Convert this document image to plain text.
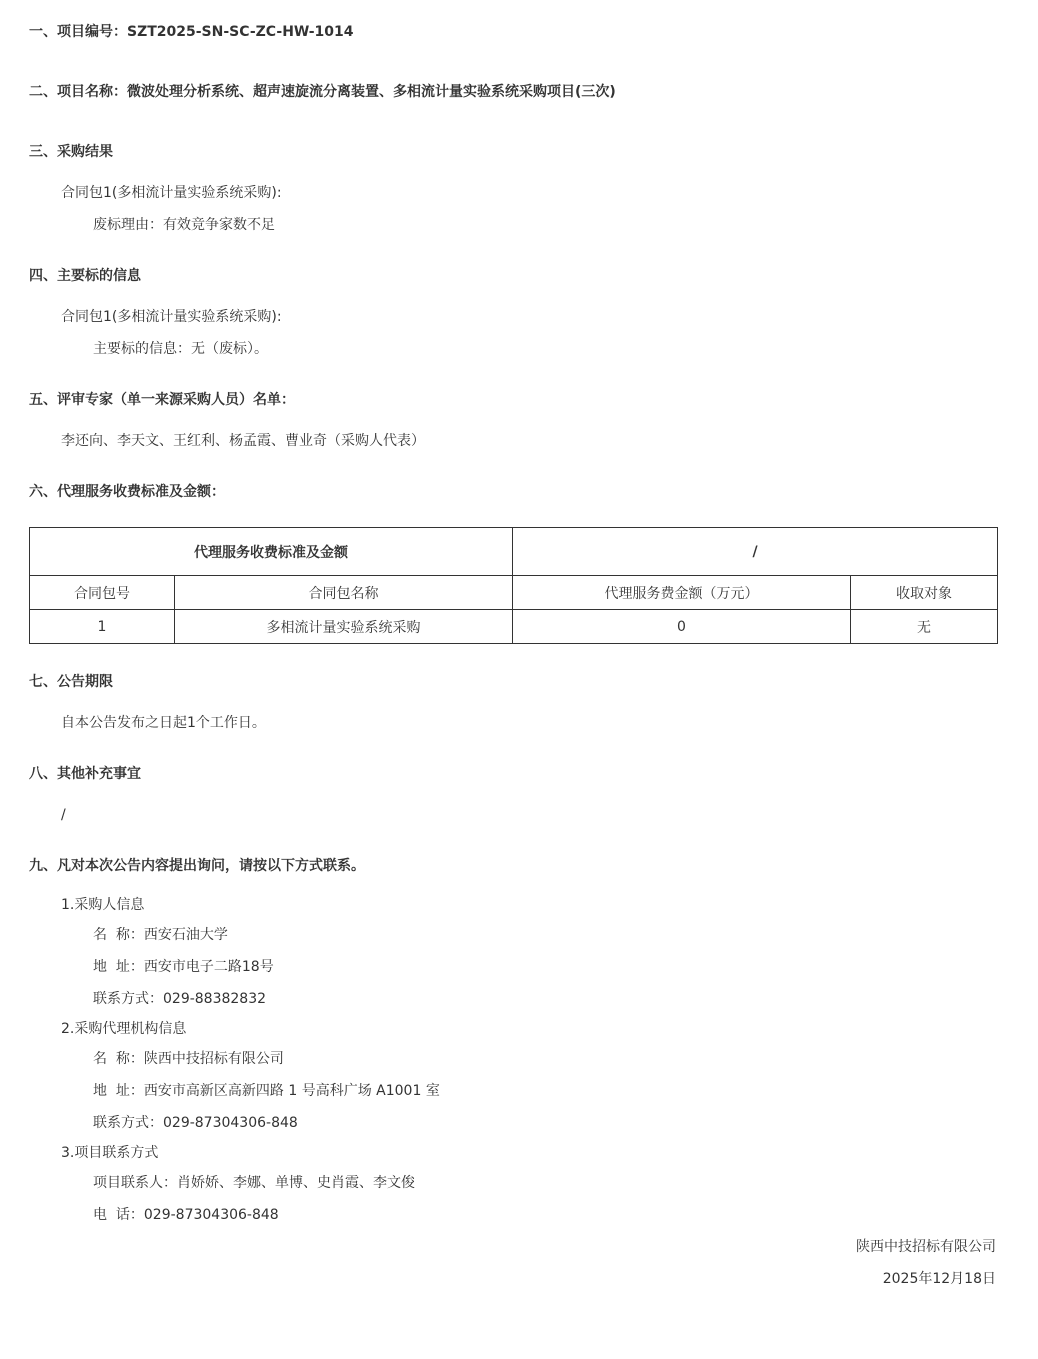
一、项目编号：SZT2025-SN-SC-ZC-HW-1014
二、项目名称：微波处理分析系统、超声速旋流分离装置、多相流计量实验系统采购项目(三次)
三、采购结果
合同包1(多相流计量实验系统采购):
废标理由：有效竞争家数不足
四、主要标的信息
合同包1(多相流计量实验系统采购):
主要标的信息：无（废标）。
五、评审专家（单一来源采购人员）名单：
李还向、李天文、王红利、杨孟霞、曹业奇（采购人代表）
六、代理服务收费标准及金额：
代理服务收费标准及金额		/	
合同包号	合同包名称	代理服务费金额（万元）	收取对象
1	多相流计量实验系统采购	0	无
七、公告期限
自本公告发布之日起1个工作日。
八、其他补充事宜
/
九、凡对本次公告内容提出询问，请按以下方式联系。
1.采购人信息
名  称：西安石油大学
地  址：西安市电子二路18号
联系方式：029-88382832
2.采购代理机构信息
名  称：陕西中技招标有限公司
地  址：西安市高新区高新四路 1 号高科广场 A1001 室
联系方式：029-87304306-848
3.项目联系方式
项目联系人：肖娇娇、李娜、单博、史肖霞、李文俊
电  话：029-87304306-848
陕西中技招标有限公司
2025年12月18日
